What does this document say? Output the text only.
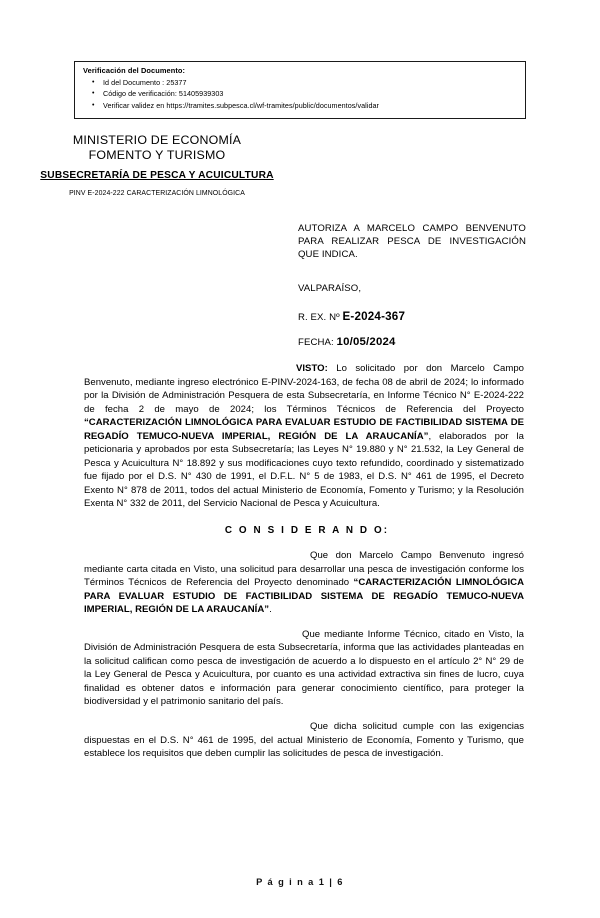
Verificación del Documento:
• Id del Documento : 25377
• Código de verificación: 51405939303
• Verificar validez en https://tramites.subpesca.cl/wf-tramites/public/documentos/validar
MINISTERIO DE ECONOMÍA
FOMENTO Y TURISMO
SUBSECRETARÍA DE PESCA Y ACUICULTURA
PINV E-2024-222 CARACTERIZACIÓN LIMNOLÓGICA
AUTORIZA A MARCELO CAMPO BENVENUTO PARA REALIZAR PESCA DE INVESTIGACIÓN QUE INDICA.
VALPARAÍSO,
R. EX. Nº E-2024-367
FECHA: 10/05/2024

VISTO: Lo solicitado por don Marcelo Campo Benvenuto, mediante ingreso electrónico E-PINV-2024-163, de fecha 08 de abril de 2024; lo informado por la División de Administración Pesquera de esta Subsecretaría, en Informe Técnico N° E-2024-222 de fecha 2 de mayo de 2024; los Términos Técnicos de Referencia del Proyecto “CARACTERIZACIÓN LIMNOLÓGICA PARA EVALUAR ESTUDIO DE FACTIBILIDAD SISTEMA DE REGADÍO TEMUCO-NUEVA IMPERIAL, REGIÓN DE LA ARAUCANÍA”, elaborados por la peticionaria y aprobados por esta Subsecretaría; las Leyes N° 19.880 y N° 21.532, la Ley General de Pesca y Acuicultura N° 18.892 y sus modificaciones cuyo texto refundido, coordinado y sistematizado fue fijado por el D.S. N° 430 de 1991, el D.F.L. N° 5 de 1983, el D.S. N° 461 de 1995, el Decreto Exento N° 878 de 2011, todos del actual Ministerio de Economía, Fomento y Turismo; y la Resolución Exenta N° 332 de 2011, del Servicio Nacional de Pesca y Acuicultura.

C O N S I D E R A N D O:

Que don Marcelo Campo Benvenuto ingresó mediante carta citada en Visto, una solicitud para desarrollar una pesca de investigación conforme los Términos Técnicos de Referencia del Proyecto denominado “CARACTERIZACIÓN LIMNOLÓGICA PARA EVALUAR ESTUDIO DE FACTIBILIDAD SISTEMA DE REGADÍO TEMUCO-NUEVA IMPERIAL, REGIÓN DE LA ARAUCANÍA”.

Que mediante Informe Técnico, citado en Visto, la División de Administración Pesquera de esta Subsecretaría, informa que las actividades planteadas en la solicitud califican como pesca de investigación de acuerdo a lo dispuesto en el artículo 2° N° 29 de la Ley General de Pesca y Acuicultura, por cuanto es una actividad extractiva sin fines de lucro, cuya finalidad es obtener datos e información para generar conocimiento científico, para proteger la biodiversidad y el patrimonio sanitario del país.

Que dicha solicitud cumple con las exigencias dispuestas en el D.S. N° 461 de 1995, del actual Ministerio de Economía, Fomento y Turismo, que establece los requisitos que deben cumplir las solicitudes de pesca de investigación.

P á g i n a 1 | 6
